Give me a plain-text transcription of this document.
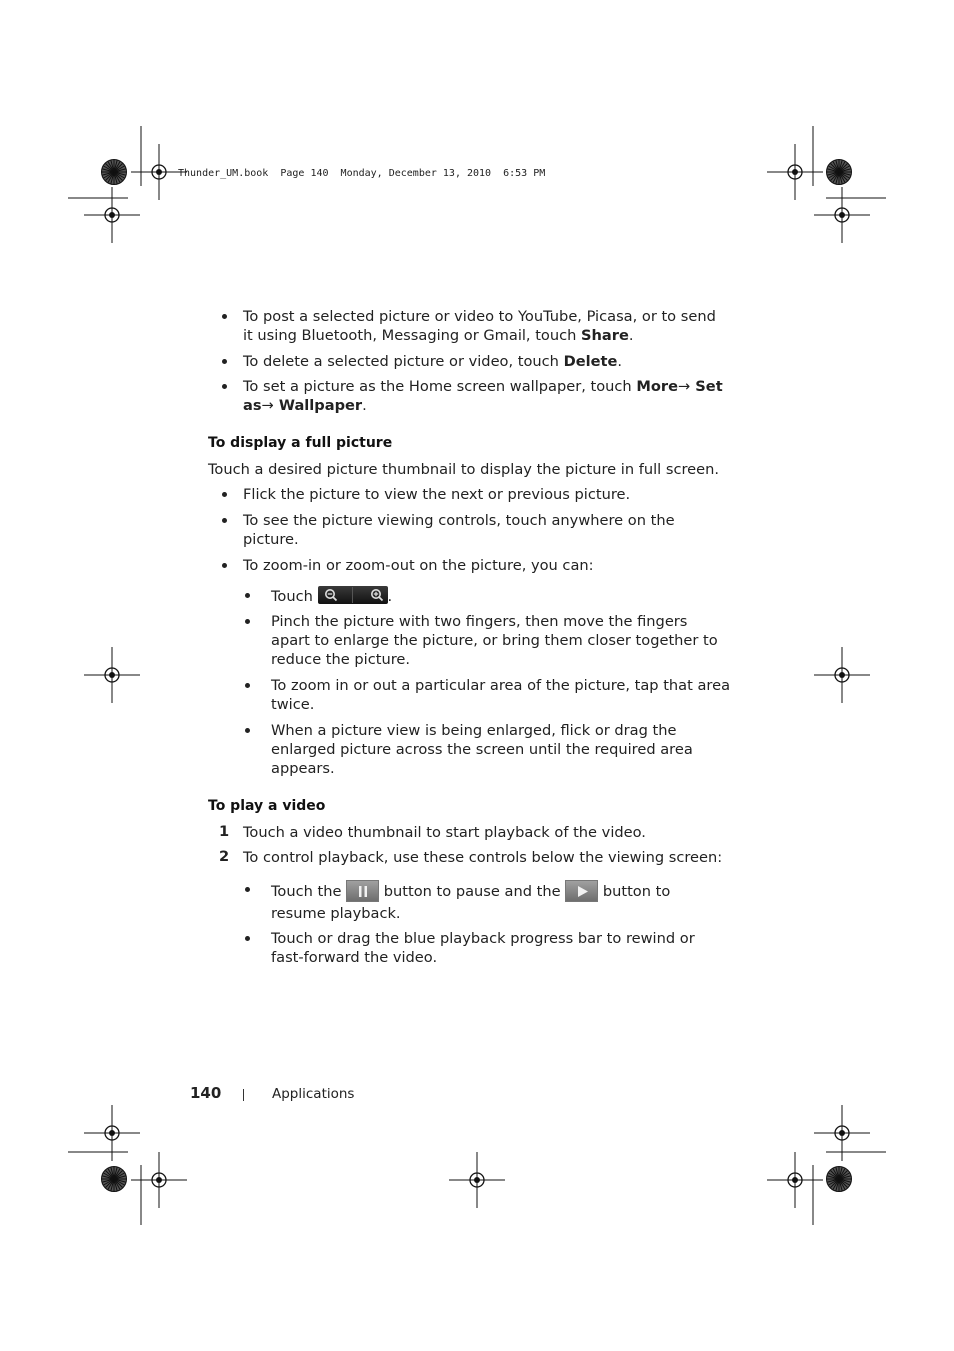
Thunder_UM.book  Page 140  Monday, December 13, 2010  6:53 PM
To post a selected picture or video to YouTube, Picasa, or to send
it using Bluetooth, Messaging or Gmail, touch Share.
To delete a selected picture or video, touch Delete.
To set a picture as the Home screen wallpaper, touch More→ Set
as→ Wallpaper.
To display a full picture
Touch a desired picture thumbnail to display the picture in full screen.
Flick the picture to view the next or previous picture.
To see the picture viewing controls, touch anywhere on the
picture.
To zoom-in or zoom-out on the picture, you can:
Touch	.
Pinch the picture with two fingers, then move the fingers
apart to enlarge the picture, or bring them closer together to
reduce the picture.
To zoom in or out a particular area of the picture, tap that area
twice.
When a picture view is being enlarged, flick or drag the
enlarged picture across the screen until the required area
appears.
To play a video
1 Touch a video thumbnail to start playback of the video.
2 To control playback, use these controls below the viewing screen:
Touch the	button to pause and the	button to
resume playback.
Touch or drag the blue playback progress bar to rewind or
fast-forward the video.
140	Applications
